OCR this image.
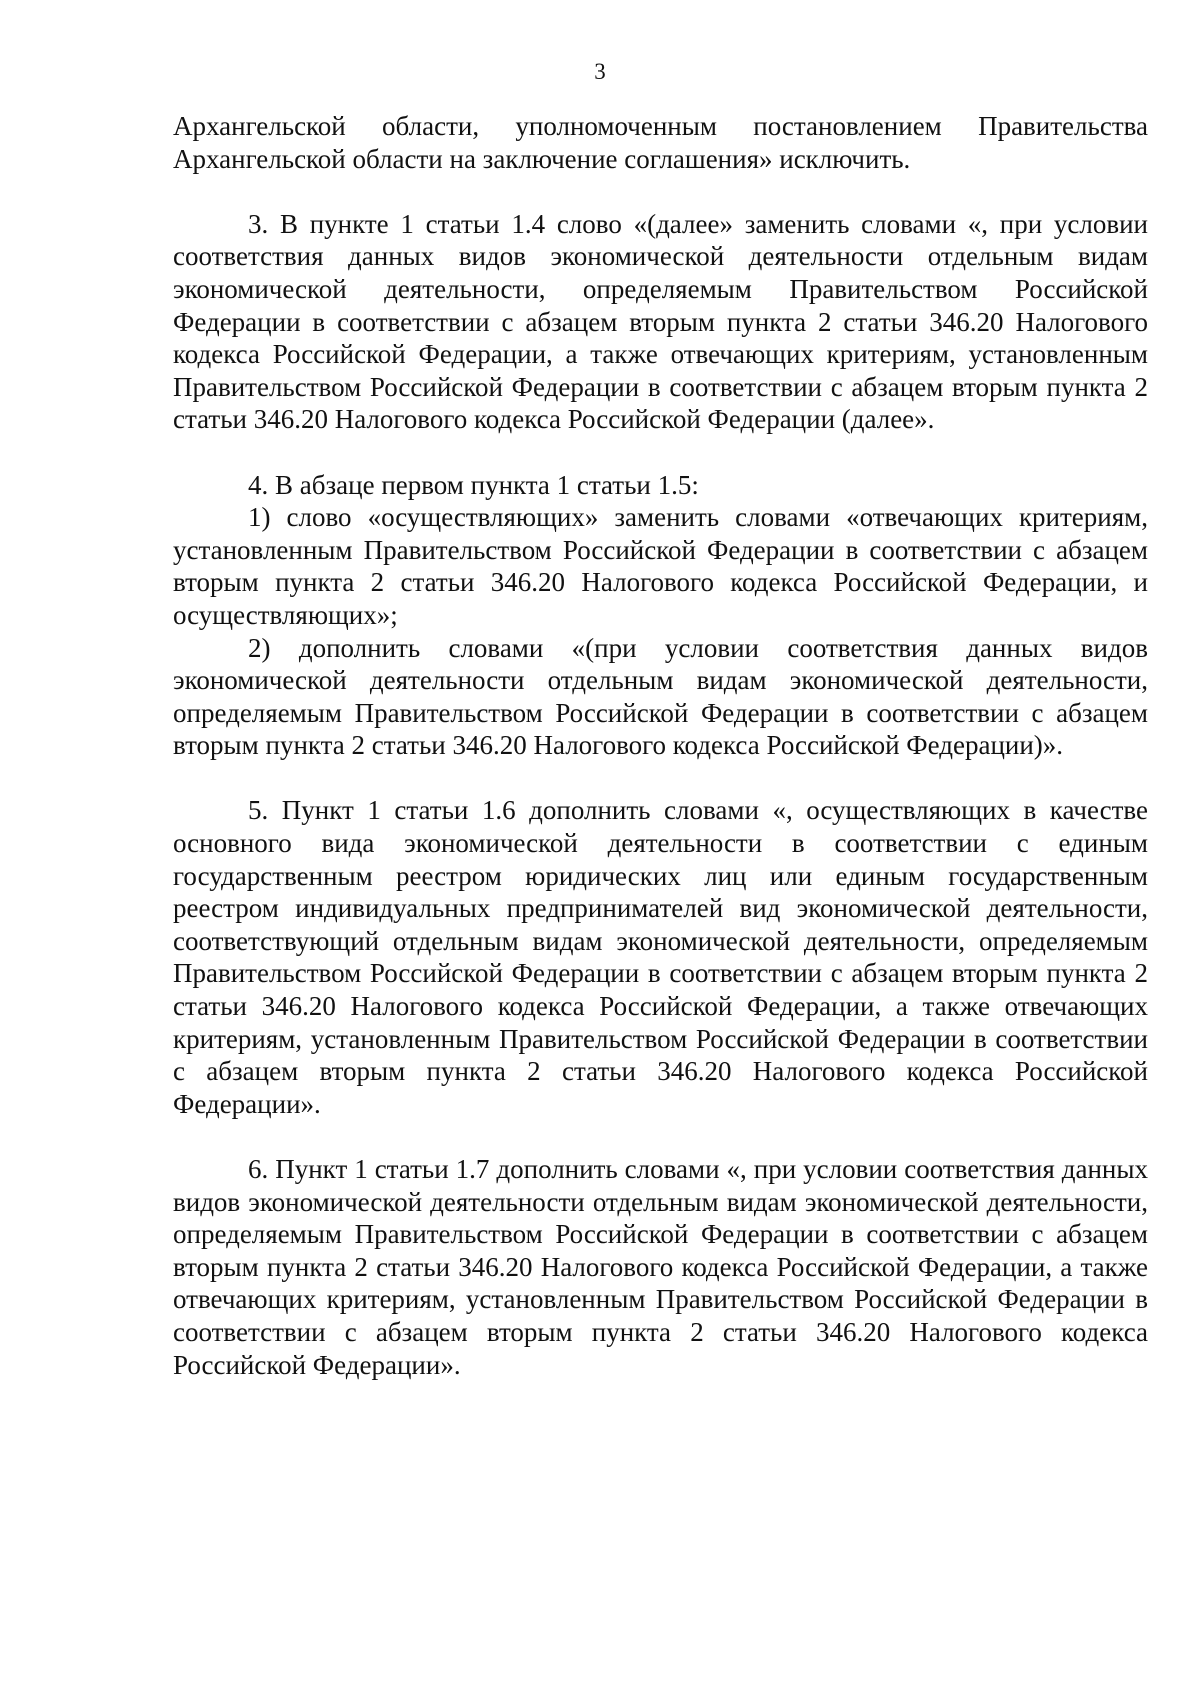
3

Архангельской области, уполномоченным постановлением Правительства Архангельской области на заключение соглашения» исключить.

3. В пункте 1 статьи 1.4 слово «(далее» заменить словами «, при условии соответствия данных видов экономической деятельности отдельным видам экономической деятельности, определяемым Правительством Российской Федерации в соответствии с абзацем вторым пункта 2 статьи 346.20 Налогового кодекса Российской Федерации, а также отвечающих критериям, установленным Правительством Российской Федерации в соответствии с абзацем вторым пункта 2 статьи 346.20 Налогового кодекса Российской Федерации (далее».

4. В абзаце первом пункта 1 статьи 1.5:

1) слово «осуществляющих» заменить словами «отвечающих критериям, установленным Правительством Российской Федерации в соответствии с абзацем вторым пункта 2 статьи 346.20 Налогового кодекса Российской Федерации, и осуществляющих»;

2) дополнить словами «(при условии соответствия данных видов экономической деятельности отдельным видам экономической деятельности, определяемым Правительством Российской Федерации в соответствии с абзацем вторым пункта 2 статьи 346.20 Налогового кодекса Российской Федерации)».

5. Пункт 1 статьи 1.6 дополнить словами «, осуществляющих в качестве основного вида экономической деятельности в соответствии с единым государственным реестром юридических лиц или единым государственным реестром индивидуальных предпринимателей вид экономической деятельности, соответствующий отдельным видам экономической деятельности, определяемым Правительством Российской Федерации в соответствии с абзацем вторым пункта 2 статьи 346.20 Налогового кодекса Российской Федерации, а также отвечающих критериям, установленным Правительством Российской Федерации в соответствии с абзацем вторым пункта 2 статьи 346.20 Налогового кодекса Российской Федерации».

6. Пункт 1 статьи 1.7 дополнить словами «, при условии соответствия данных видов экономической деятельности отдельным видам экономической деятельности, определяемым Правительством Российской Федерации в соответствии с абзацем вторым пункта 2 статьи 346.20 Налогового кодекса Российской Федерации, а также отвечающих критериям, установленным Правительством Российской Федерации в соответствии с абзацем вторым пункта 2 статьи 346.20 Налогового кодекса Российской Федерации».
